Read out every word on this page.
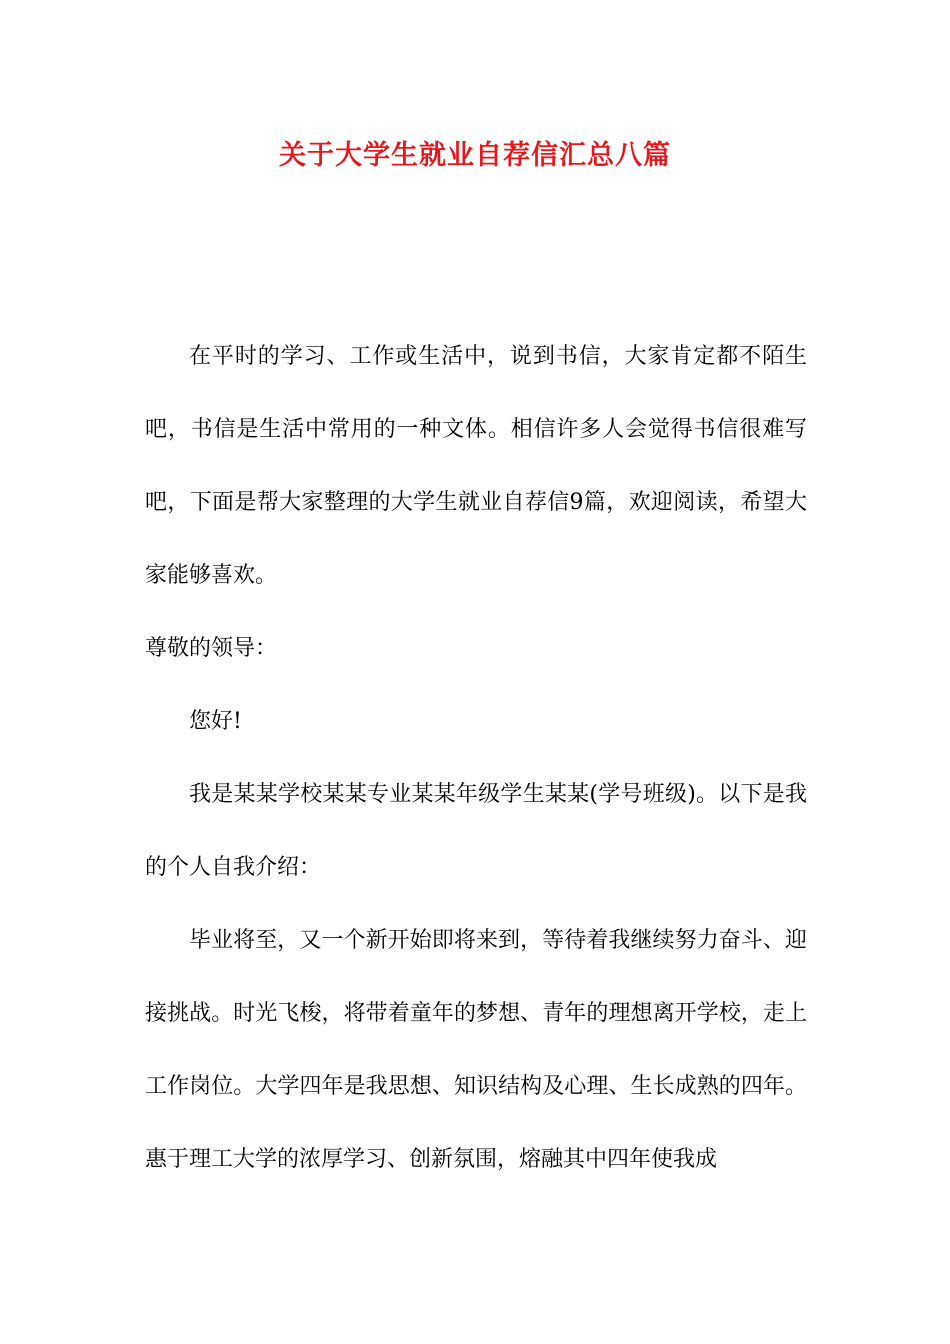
关于大学生就业自荐信汇总八篇

在平时的学习、工作或生活中，说到书信，大家肯定都不陌生吧，书信是生活中常用的一种文体。相信许多人会觉得书信很难写吧，下面是帮大家整理的大学生就业自荐信9篇，欢迎阅读，希望大家能够喜欢。

尊敬的领导：

您好!

我是某某学校某某专业某某年级学生某某(学号班级)。以下是我的个人自我介绍：

毕业将至，又一个新开始即将来到，等待着我继续努力奋斗、迎接挑战。时光飞梭，将带着童年的梦想、青年的理想离开学校，走上工作岗位。大学四年是我思想、知识结构及心理、生长成熟的四年。惠于理工大学的浓厚学习、创新氛围，熔融其中四年使我成
